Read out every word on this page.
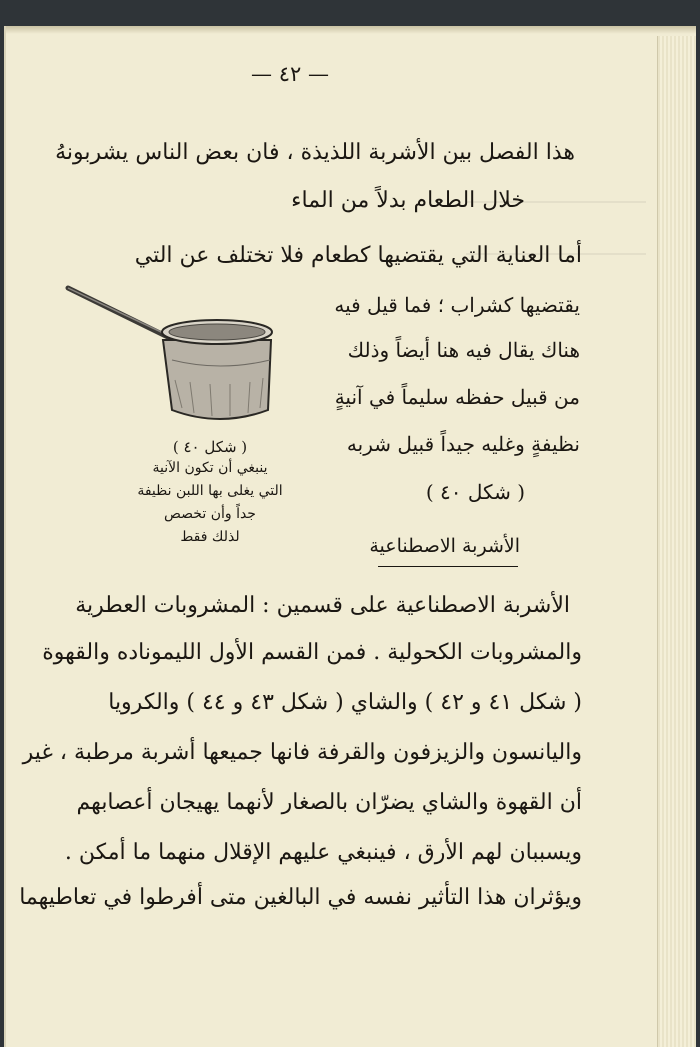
— ٤٢ —
هذا الفصل بين الأشربة اللذيذة ، فان بعض الناس يشربونهُ
خلال الطعام بدلاً من الماء
أما العناية التي يقتضيها كطعام فلا تختلف عن التي
يقتضيها كشراب ؛ فما قيل فيه
هناك يقال فيه هنا أيضاً وذلك
من قبيل حفظه سليماً في آنيةٍ
نظيفةٍ وغليه جيداً قبيل شربه
( شكل ٤٠ )
( شكل ٤٠ )
ينبغي أن تكون الآنية
التي يغلى بها اللبن نظيفة
جداً وأن تخصص
لذلك فقط	الأشربة الاصطناعية
الأشربة الاصطناعية على قسمين : المشروبات العطرية
والمشروبات الكحولية . فمن القسم الأول الليموناده والقهوة
( شكل ٤١ و ٤٢ ) والشاي ( شكل ٤٣ و ٤٤ ) والكرويا
واليانسون والزيزفون والقرفة فانها جميعها أشربة مرطبة ، غير
أن القهوة والشاي يضرّان بالصغار لأنهما يهيجان أعصابهم
ويسببان لهم الأرق ، فينبغي عليهم الإقلال منهما ما أمكن .
ويؤثران هذا التأثير نفسه في البالغين متى أفرطوا في تعاطيهما
